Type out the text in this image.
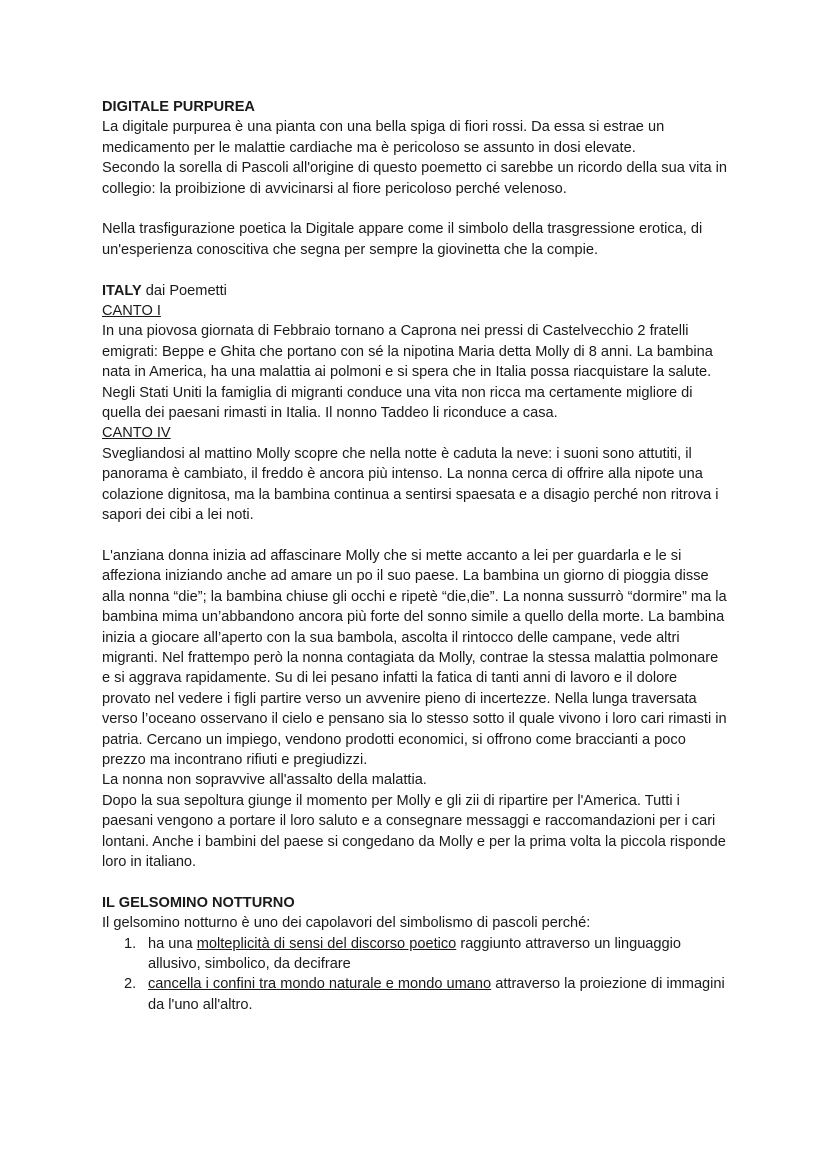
DIGITALE PURPUREA

La digitale purpurea è una pianta con una bella spiga di fiori rossi. Da essa si estrae un medicamento per le malattie cardiache ma è pericoloso se assunto in dosi elevate.

Secondo la sorella di Pascoli all'origine di questo poemetto ci sarebbe un ricordo della sua vita in collegio: la proibizione di avvicinarsi al fiore pericoloso perché velenoso.

Nella trasfigurazione poetica la Digitale appare come il simbolo della trasgressione erotica, di un'esperienza conoscitiva che segna per sempre la giovinetta che la compie.

ITALY dai Poemetti

CANTO I

In una piovosa giornata di Febbraio tornano a Caprona nei pressi di Castelvecchio 2 fratelli emigrati: Beppe e Ghita che portano con sé la nipotina Maria detta Molly di 8 anni. La bambina nata in America, ha una malattia ai polmoni e si spera che in Italia possa riacquistare la salute. Negli Stati Uniti la famiglia di migranti conduce una vita non ricca ma certamente migliore di quella dei paesani rimasti in Italia. Il nonno Taddeo li riconduce a casa.

CANTO IV

Svegliandosi al mattino Molly scopre che nella notte è caduta la neve: i suoni sono attutiti, il panorama è cambiato, il freddo è ancora più intenso. La nonna cerca di offrire alla nipote una colazione dignitosa, ma la bambina continua a sentirsi spaesata e a disagio perché non ritrova i sapori dei cibi a lei noti.

L'anziana donna inizia ad affascinare Molly che si mette accanto a lei per guardarla e le si affeziona iniziando anche ad amare un po il suo paese. La bambina un giorno di pioggia disse alla nonna “die”; la bambina chiuse gli occhi e ripetè “die,die”. La nonna sussurrò “dormire” ma la bambina mima un’abbandono ancora più forte del sonno simile a quello della morte. La bambina inizia a giocare all’aperto con la sua bambola, ascolta il rintocco delle campane, vede altri migranti. Nel frattempo però la nonna contagiata da Molly, contrae la stessa malattia polmonare e si aggrava rapidamente. Su di lei pesano infatti la fatica di tanti anni di lavoro e il dolore provato nel vedere i figli partire verso un avvenire pieno di incertezze. Nella lunga traversata verso l’oceano osservano il cielo e pensano sia lo stesso sotto il quale vivono i loro cari rimasti in patria. Cercano un impiego, vendono prodotti economici, si offrono come braccianti a poco prezzo ma incontrano rifiuti e pregiudizzi.

La nonna non sopravvive all'assalto della malattia.

Dopo la sua sepoltura giunge il momento per Molly e gli zii di ripartire per l'America. Tutti i paesani vengono a portare il loro saluto e a consegnare messaggi e raccomandazioni per i cari lontani. Anche i bambini del paese si congedano da Molly e per la prima volta la piccola risponde loro in italiano.

IL GELSOMINO NOTTURNO

Il gelsomino notturno è uno dei capolavori del simbolismo di pascoli perché:

1. ha una molteplicità di sensi del discorso poetico raggiunto attraverso un linguaggio allusivo, simbolico, da decifrare
2. cancella i confini tra mondo naturale e mondo umano attraverso la proiezione di immagini da l'uno all'altro.
